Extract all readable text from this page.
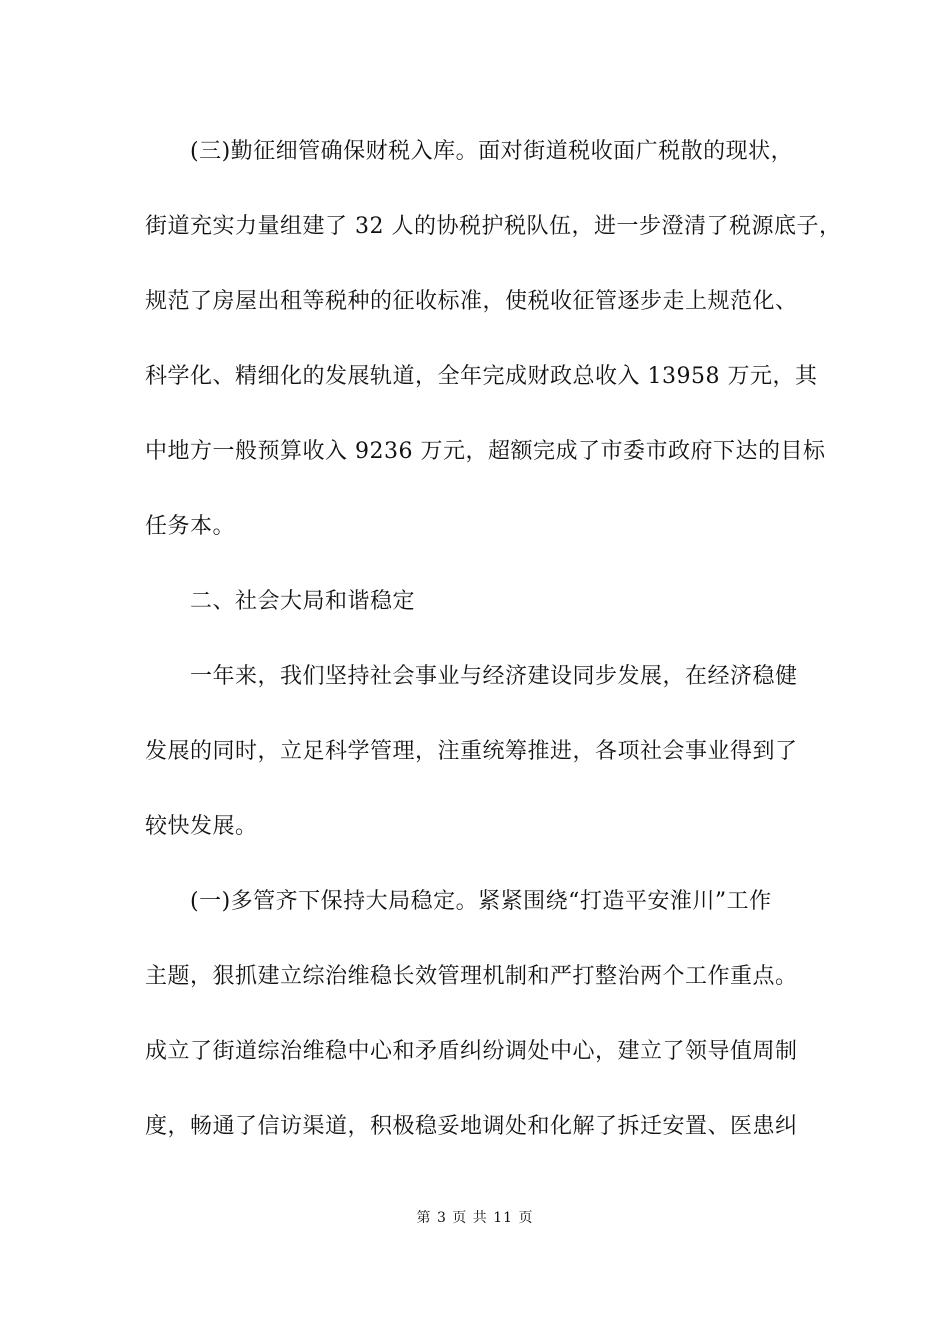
(三)勤征细管确保财税入库。面对街道税收面广税散的现状，
街道充实力量组建了 32 人的协税护税队伍，进一步澄清了税源底子，
规范了房屋出租等税种的征收标准，使税收征管逐步走上规范化、
科学化、精细化的发展轨道，全年完成财政总收入 13958 万元，其
中地方一般预算收入 9236 万元，超额完成了市委市政府下达的目标
任务本。
二、社会大局和谐稳定
一年来，我们坚持社会事业与经济建设同步发展，在经济稳健
发展的同时，立足科学管理，注重统筹推进，各项社会事业得到了
较快发展。
(一)多管齐下保持大局稳定。紧紧围绕“打造平安淮川”工作
主题，狠抓建立综治维稳长效管理机制和严打整治两个工作重点。
成立了街道综治维稳中心和矛盾纠纷调处中心，建立了领导值周制
度，畅通了信访渠道，积极稳妥地调处和化解了拆迁安置、医患纠
第 3 页 共 11 页
